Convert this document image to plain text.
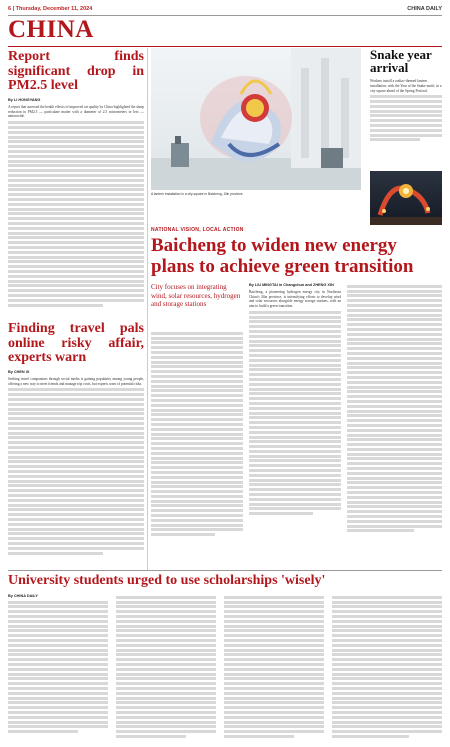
6 | Thursday, December 11, 2024	CHINA DAILY
CHINA
Report finds significant drop in PM2.5 level
By LI HONGYANG
A report that assessed the health effects of improved air quality by China highlighted the sharp reduction in PM2.5 — particulate matter with a diameter of 2.5 micrometers or less — nationwide.
Finding travel pals online risky affair, experts warn
By CHEN XI
Seeking travel companions through social media is gaining popularity among young people, offering a new way to meet friends and manage trip costs, but experts warn of potential risks.
A lantern installation in a city square in Baicheng, Jilin province.
Snake year arrival
Workers install a zodiac-themed lantern installation, with the Year of the Snake motif, in a city square ahead of the Spring Festival.
NATIONAL VISION, LOCAL ACTION
Baicheng to widen new energy plans to achieve green transition
City focuses on integrating wind, solar resources, hydrogen and storage stations
By LIU MINGTAI in Changchun and ZHENG XIN
Baicheng, a pioneering hydrogen energy city in Northeast China's Jilin province, is intensifying efforts to develop wind and solar resources alongside energy storage stations, with an aim to build a green transition.
University students urged to use scholarships 'wisely'
By CHINA DAILY
